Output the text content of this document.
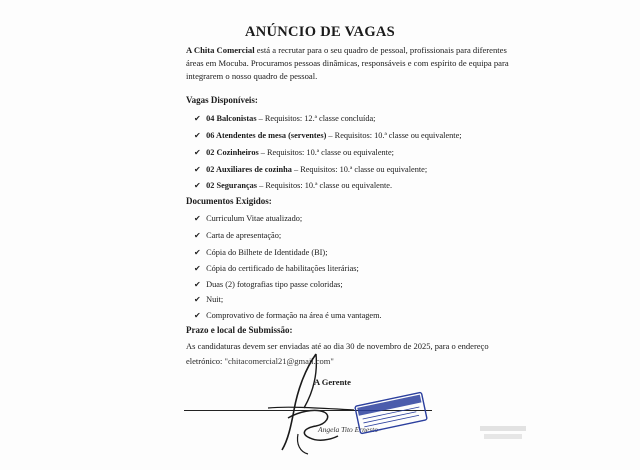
ANÚNCIO DE VAGAS
A Chita Comercial está a recrutar para o seu quadro de pessoal, profissionais para diferentes
áreas em Mocuba. Procuramos pessoas dinâmicas, responsáveis e com espírito de equipa para
integrarem o nosso quadro de pessoal.
Vagas Disponíveis:
✔ 04 Balconistas – Requisitos: 12.ª classe concluída;
✔ 06 Atendentes de mesa (serventes) – Requisitos: 10.ª classe ou equivalente;
✔ 02 Cozinheiros – Requisitos: 10.ª classe ou equivalente;
✔ 02 Auxiliares de cozinha – Requisitos: 10.ª classe ou equivalente;
✔ 02 Seguranças – Requisitos: 10.ª classe ou equivalente.
Documentos Exigidos:
✔ Curriculum Vitae atualizado;
✔ Carta de apresentação;
✔ Cópia do Bilhete de Identidade (BI);
✔ Cópia do certificado de habilitações literárias;
✔ Duas (2) fotografias tipo passe coloridas;
✔ Nuit;
✔ Comprovativo de formação na área é uma vantagem.
Prazo e local de Submissão:
As candidaturas devem ser enviadas até ao dia 30 de novembro de 2025, para o endereço
eletrónico: "chitacomercial21@gmail.com"
A Gerente
Angela Tito Ernesto
